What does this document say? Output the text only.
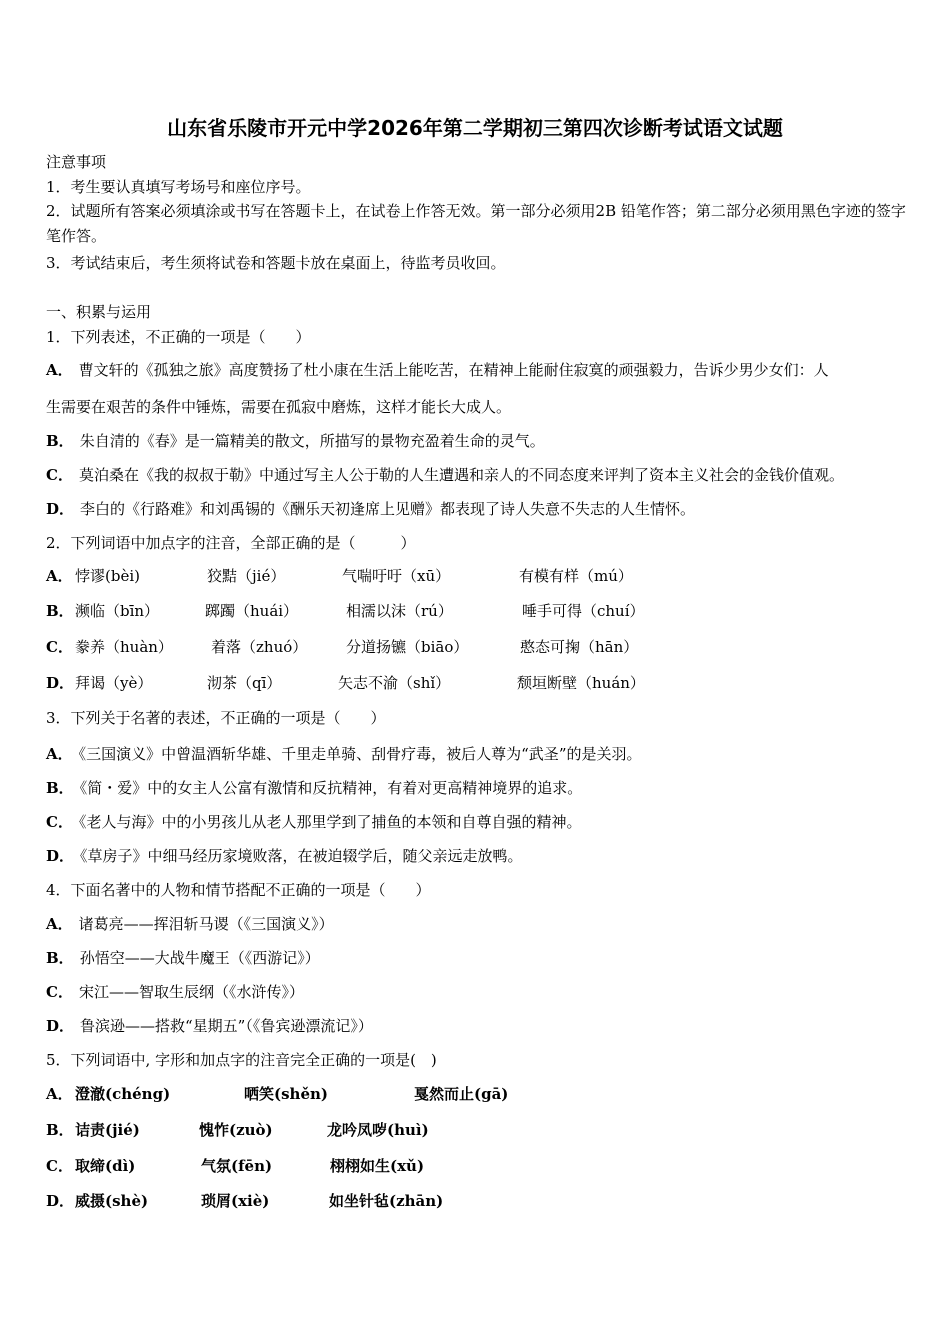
山东省乐陵市开元中学2026年第二学期初三第四次诊断考试语文试题
注意事项
1．考生要认真填写考场号和座位序号。
2．试题所有答案必须填涂或书写在答题卡上，在试卷上作答无效。第一部分必须用2B 铅笔作答；第二部分必须用黑色字迹的签字笔作答。
3．考试结束后，考生须将试卷和答题卡放在桌面上，待监考员收回。
一、积累与运用
1．下列表述，不正确的一项是（　　）
A． 曹文轩的《孤独之旅》高度赞扬了杜小康在生活上能吃苦，在精神上能耐住寂寞的顽强毅力，告诉少男少女们：人
生需要在艰苦的条件中锤炼，需要在孤寂中磨炼，这样才能长大成人。
B． 朱自清的《春》是一篇精美的散文，所描写的景物充盈着生命的灵气。
C． 莫泊桑在《我的叔叔于勒》中通过写主人公于勒的人生遭遇和亲人的不同态度来评判了资本主义社会的金钱价值观。
D． 李白的《行路难》和刘禹锡的《酬乐天初逢席上见赠》都表现了诗人失意不失志的人生情怀。
2．下列词语中加点字的注音，全部正确的是（　　　）
A． 悖谬(bèi)	狡黠（jié）	气喘吁吁（xū）	有模有样（mú）
B． 濒临（bīn）	踯躅（huái）	相濡以沫（rú）	唾手可得（chuí）
C． 豢养（huàn）	着落（zhuó）	分道扬镳（biāo）	憨态可掬（hān）
D． 拜谒（yè）	沏茶（qī）	矢志不渝（shǐ）	颓垣断壁（huán）
3．下列关于名著的表述，不正确的一项是（　　）
A． 《三国演义》中曾温酒斩华雄、千里走单骑、刮骨疗毒，被后人尊为“武圣”的是关羽。
B． 《简・爱》中的女主人公富有激情和反抗精神，有着对更高精神境界的追求。
C． 《老人与海》中的小男孩儿从老人那里学到了捕鱼的本领和自尊自强的精神。
D． 《草房子》中细马经历家境败落，在被迫辍学后，随父亲远走放鸭。
4．下面名著中的人物和情节搭配不正确的一项是（　　）
A． 诸葛亮——挥泪斩马谡（《三国演义》）
B． 孙悟空——大战牛魔王（《西游记》）
C． 宋江——智取生辰纲（《水浒传》）
D． 鲁滨逊——搭救“星期五”（《鲁宾逊漂流记》）
5．下列词语中, 字形和加点字的注音完全正确的一项是(　)
A． 澄澈(chéng)	哂笑(shěn)	戛然而止(gā)
B． 诘责(jié)	愧怍(zuò)	龙吟凤哕(huì)
C． 取缔(dì)	气氛(fēn)	栩栩如生(xǔ)
D． 威摄(shè)	琐屑(xiè)	如坐针毡(zhān)
